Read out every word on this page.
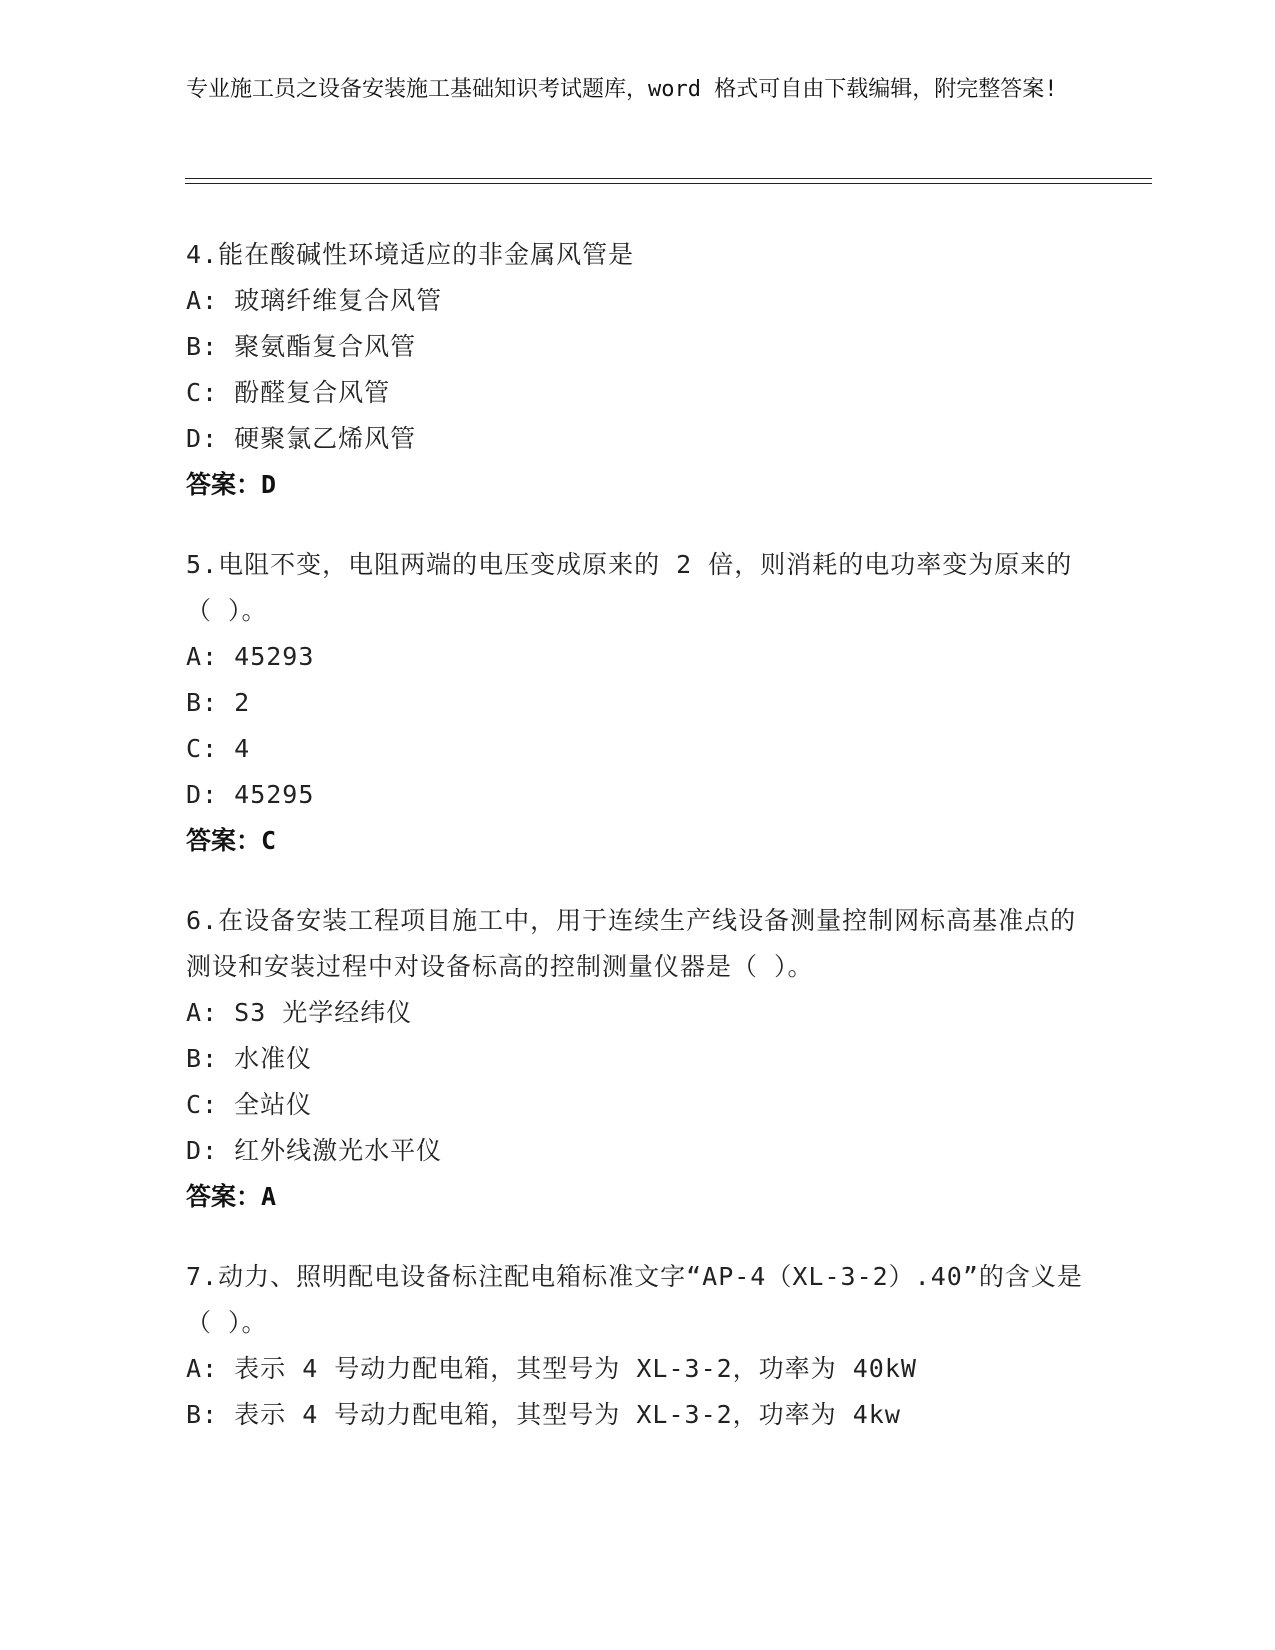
专业施工员之设备安装施工基础知识考试题库，word 格式可自由下载编辑，附完整答案!
4.能在酸碱性环境适应的非金属风管是
A: 玻璃纤维复合风管
B: 聚氨酯复合风管
C: 酚醛复合风管
D: 硬聚氯乙烯风管
答案：D
5.电阻不变，电阻两端的电压变成原来的 2 倍，则消耗的电功率变为原来的（ ）。
A: 45293
B: 2
C: 4
D: 45295
答案：C
6.在设备安装工程项目施工中，用于连续生产线设备测量控制网标高基准点的测设和安装过程中对设备标高的控制测量仪器是（ ）。
A: S3 光学经纬仪
B: 水准仪
C: 全站仪
D: 红外线激光水平仪
答案：A
7.动力、照明配电设备标注配电箱标准文字“AP-4（XL-3-2）.40”的含义是（ ）。
A: 表示 4 号动力配电箱，其型号为 XL-3-2，功率为 40kW
B: 表示 4 号动力配电箱，其型号为 XL-3-2，功率为 4kw
